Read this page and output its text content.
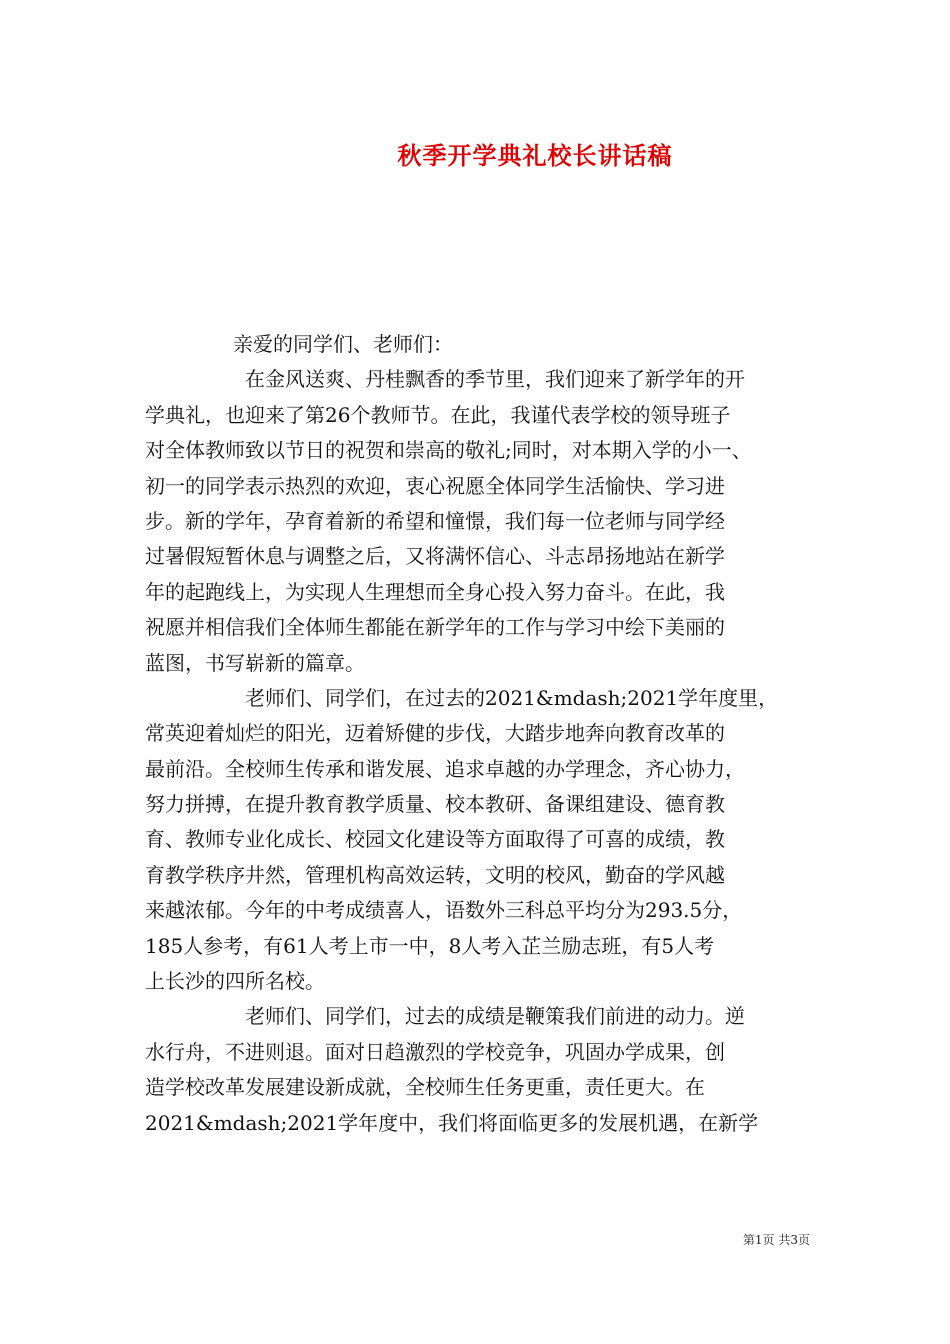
秋季开学典礼校长讲话稿
亲爱的同学们、老师们：
在金风送爽、丹桂飘香的季节里，我们迎来了新学年的开
学典礼，也迎来了第26个教师节。在此，我谨代表学校的领导班子
对全体教师致以节日的祝贺和崇高的敬礼;同时，对本期入学的小一、
初一的同学表示热烈的欢迎，衷心祝愿全体同学生活愉快、学习进
步。新的学年，孕育着新的希望和憧憬，我们每一位老师与同学经
过暑假短暂休息与调整之后，又将满怀信心、斗志昂扬地站在新学
年的起跑线上，为实现人生理想而全身心投入努力奋斗。在此，我
祝愿并相信我们全体师生都能在新学年的工作与学习中绘下美丽的
蓝图，书写崭新的篇章。
老师们、同学们，在过去的2021&mdash;2021学年度里，
常英迎着灿烂的阳光，迈着矫健的步伐，大踏步地奔向教育改革的
最前沿。全校师生传承和谐发展、追求卓越的办学理念，齐心协力，
努力拼搏，在提升教育教学质量、校本教研、备课组建设、德育教
育、教师专业化成长、校园文化建设等方面取得了可喜的成绩，教
育教学秩序井然，管理机构高效运转，文明的校风，勤奋的学风越
来越浓郁。今年的中考成绩喜人，语数外三科总平均分为293.5分，
185人参考，有61人考上市一中，8人考入芷兰励志班，有5人考
上长沙的四所名校。
老师们、同学们，过去的成绩是鞭策我们前进的动力。逆
水行舟，不进则退。面对日趋激烈的学校竞争，巩固办学成果，创
造学校改革发展建设新成就，全校师生任务更重，责任更大。在
2021&mdash;2021学年度中，我们将面临更多的发展机遇，在新学
第1页 共3页
